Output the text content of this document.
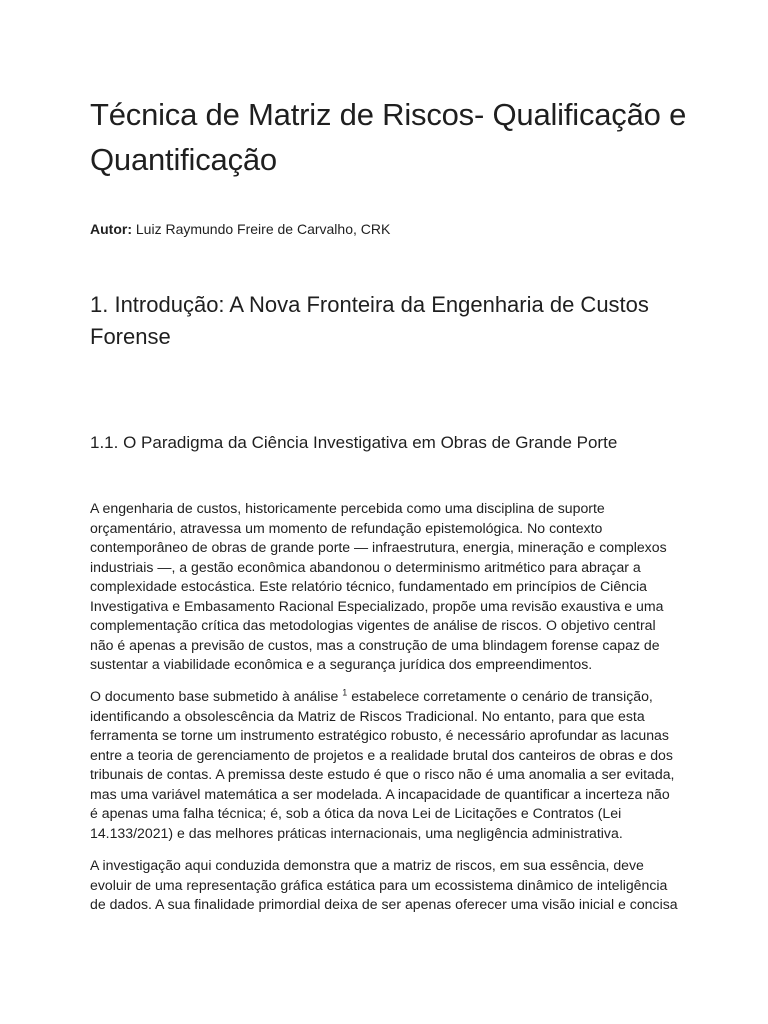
Técnica de Matriz de Riscos- Qualificação e Quantificação

Autor: Luiz Raymundo Freire de Carvalho, CRK

1. Introdução: A Nova Fronteira da Engenharia de Custos Forense
1.1. O Paradigma da Ciência Investigativa em Obras de Grande Porte

A engenharia de custos, historicamente percebida como uma disciplina de suporte orçamentário, atravessa um momento de refundação epistemológica. No contexto contemporâneo de obras de grande porte — infraestrutura, energia, mineração e complexos industriais —, a gestão econômica abandonou o determinismo aritmético para abraçar a complexidade estocástica. Este relatório técnico, fundamentado em princípios de Ciência Investigativa e Embasamento Racional Especializado, propõe uma revisão exaustiva e uma complementação crítica das metodologias vigentes de análise de riscos. O objetivo central não é apenas a previsão de custos, mas a construção de uma blindagem forense capaz de sustentar a viabilidade econômica e a segurança jurídica dos empreendimentos.

O documento base submetido à análise $^1$ estabelece corretamente o cenário de transição, identificando a obsolescência da Matriz de Riscos Tradicional. No entanto, para que esta ferramenta se torne um instrumento estratégico robusto, é necessário aprofundar as lacunas entre a teoria de gerenciamento de projetos e a realidade brutal dos canteiros de obras e dos tribunais de contas. A premissa deste estudo é que o risco não é uma anomalia a ser evitada, mas uma variável matemática a ser modelada. A incapacidade de quantificar a incerteza não é apenas uma falha técnica; é, sob a ótica da nova Lei de Licitações e Contratos (Lei 14.133/2021) e das melhores práticas internacionais, uma negligência administrativa.

A investigação aqui conduzida demonstra que a matriz de riscos, em sua essência, deve evoluir de uma representação gráfica estática para um ecossistema dinâmico de inteligência de dados. A sua finalidade primordial deixa de ser apenas oferecer uma visão inicial e concisa
